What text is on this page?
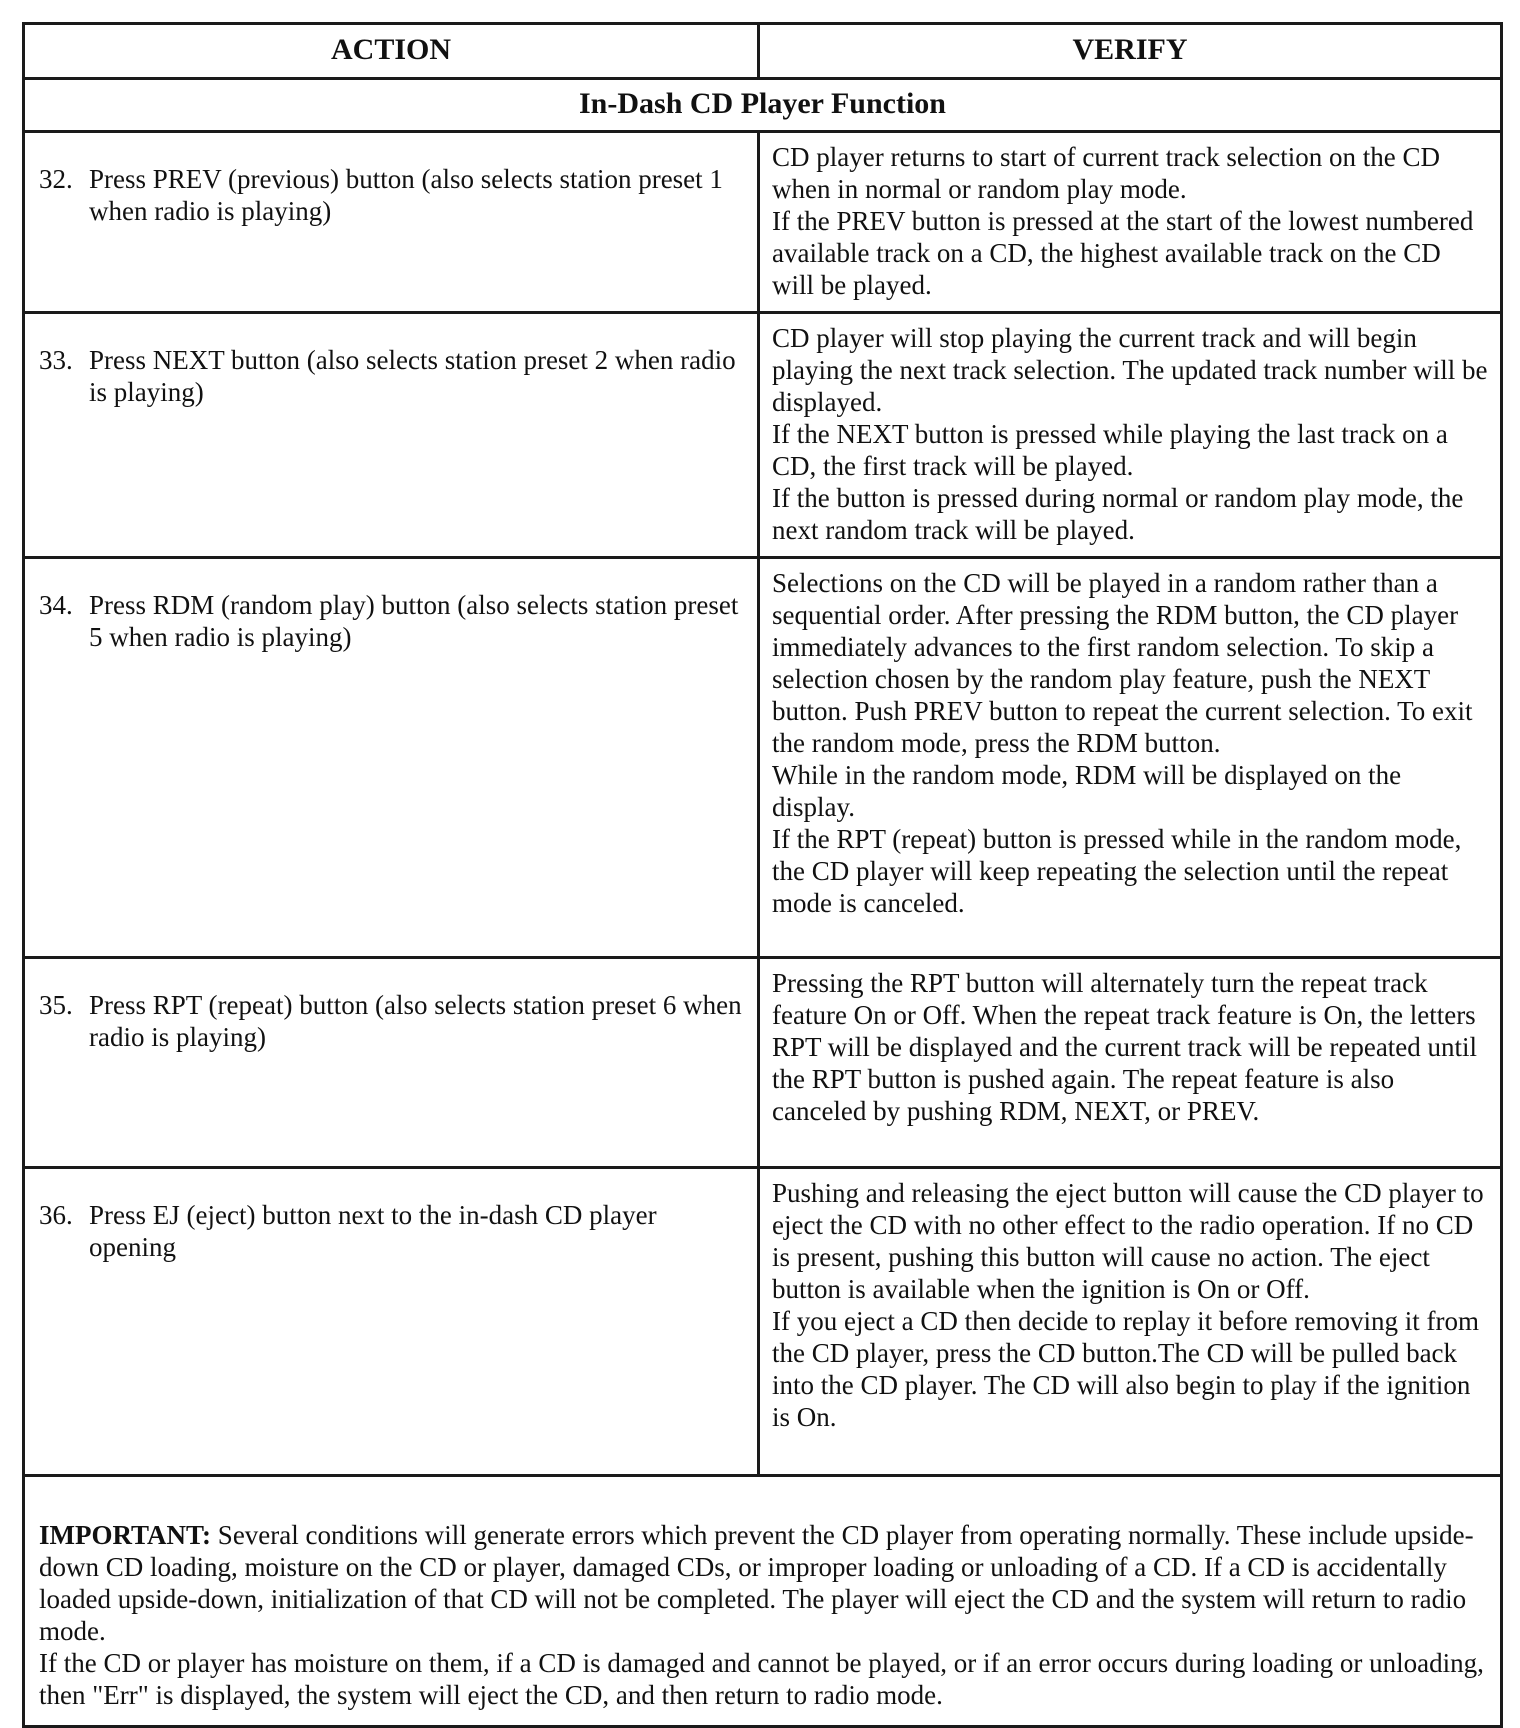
ACTION	VERIFY
In-Dash CD Player Function	

32. Press PREV (previous) button (also selects station preset 1 when radio is playing)	CD player returns to start of current track selection on the CD when in normal or random play mode.
If the PREV button is pressed at the start of the lowest numbered available track on a CD, the highest available track on the CD will be played.

33. Press NEXT button (also selects station preset 2 when radio is playing)	CD player will stop playing the current track and will begin playing the next track selection. The updated track number will be displayed.
If the NEXT button is pressed while playing the last track on a CD, the first track will be played.
If the button is pressed during normal or random play mode, the next random track will be played.

34. Press RDM (random play) button (also selects station preset 5 when radio is playing)	Selections on the CD will be played in a random rather than a sequential order. After pressing the RDM button, the CD player immediately advances to the first random selection. To skip a selection chosen by the random play feature, push the NEXT button. Push PREV button to repeat the current selection. To exit the random mode, press the RDM button.
While in the random mode, RDM will be displayed on the display.
If the RPT (repeat) button is pressed while in the random mode, the CD player will keep repeating the selection until the repeat mode is canceled.

35. Press RPT (repeat) button (also selects station preset 6 when radio is playing)	Pressing the RPT button will alternately turn the repeat track feature On or Off. When the repeat track feature is On, the letters RPT will be displayed and the current track will be repeated until the RPT button is pushed again. The repeat feature is also canceled by pushing RDM, NEXT, or PREV.

36. Press EJ (eject) button next to the in-dash CD player opening	Pushing and releasing the eject button will cause the CD player to eject the CD with no other effect to the radio operation. If no CD is present, pushing this button will cause no action. The eject button is available when the ignition is On or Off.
If you eject a CD then decide to replay it before removing it from the CD player, press the CD button.The CD will be pulled back into the CD player. The CD will also begin to play if the ignition is On.

IMPORTANT: Several conditions will generate errors which prevent the CD player from operating normally. These include upside-down CD loading, moisture on the CD or player, damaged CDs, or improper loading or unloading of a CD. If a CD is accidentally loaded upside-down, initialization of that CD will not be completed. The player will eject the CD and the system will return to radio mode.
If the CD or player has moisture on them, if a CD is damaged and cannot be played, or if an error occurs during loading or unloading, then "Err" is displayed, the system will eject the CD, and then return to radio mode.	
